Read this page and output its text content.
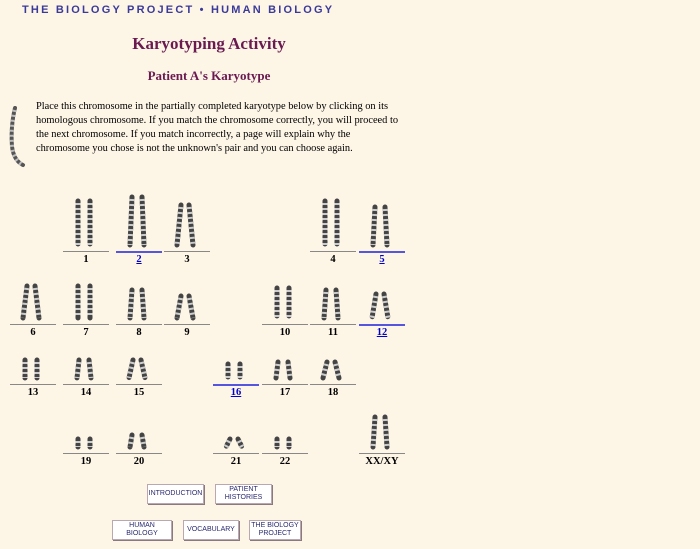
THE BIOLOGY PROJECT • HUMAN BIOLOGY
Karyotyping Activity
Patient A's Karyotype
Place this chromosome in the partially completed karyotype below by clicking on its homologous chromosome. If you match the chromosome correctly, you will proceed to the next chromosome. If you match incorrectly, a page will explain why the chromosome you chose is not the unknown's pair and you can choose again.
1	2	3	4	5
6	7	8	9	10	11	12
13	14	15	16	17	18
19	20	21	22	XX/XY
INTRODUCTION
PATIENT HISTORIES
HUMAN BIOLOGY
VOCABULARY
THE BIOLOGY PROJECT
